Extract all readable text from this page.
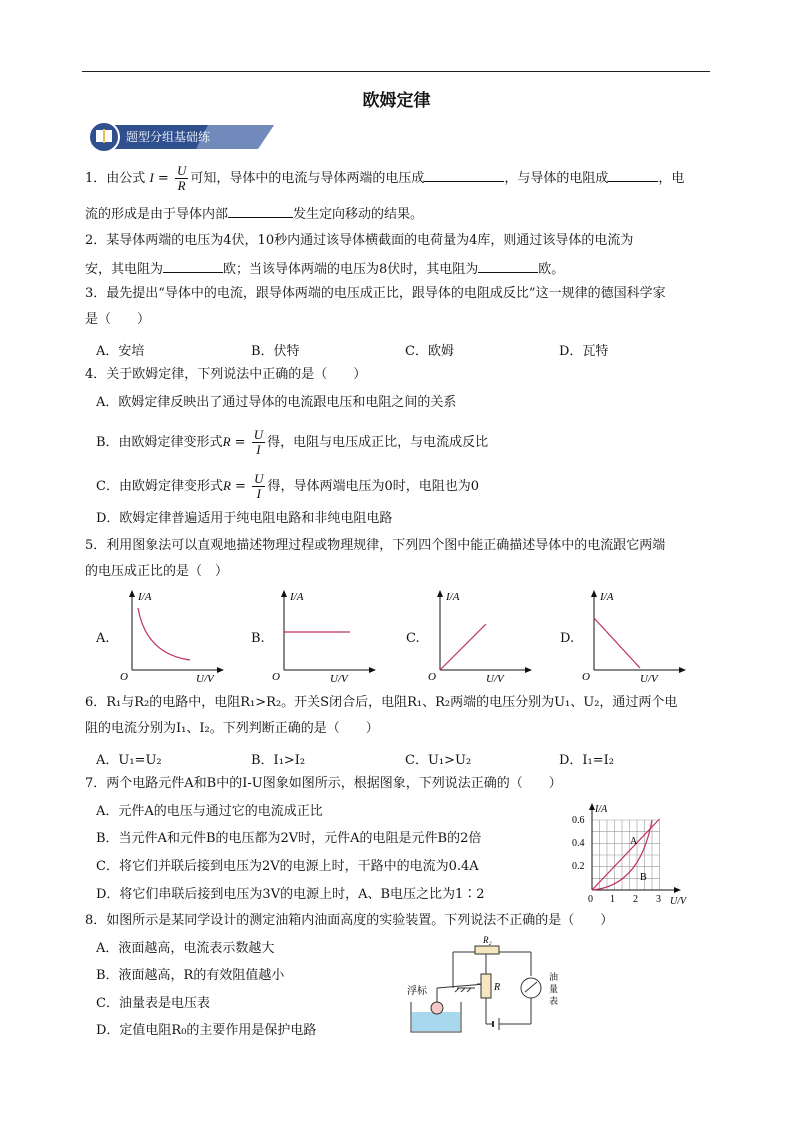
欧姆定律
题型分组基础练
1．由公式 $I = \frac{U}{R}$ 可知，导体中的电流与导体两端的电压成	，与导体的电阻成	，电
流的形成是由于导体内部	发生定向移动的结果。
2．某导体两端的电压为4伏，10秒内通过该导体横截面的电荷量为4库，则通过该导体的电流为
安，其电阻为	欧；当该导体两端的电压为8伏时，其电阻为	欧。
3．最先提出“导体中的电流，跟导体两端的电压成正比，跟导体的电阻成反比”这一规律的德国科学家
是（　　）
A．安培	B．伏特	C．欧姆	D．瓦特
4．关于欧姆定律，下列说法中正确的是（　　）
A．欧姆定律反映出了通过导体的电流跟电压和电阻之间的关系
B．由欧姆定律变形式$R = \frac{U}{I}$ 得，电阻与电压成正比，与电流成反比
C．由欧姆定律变形式$R = \frac{U}{I}$ 得，导体两端电压为0时，电阻也为0
D．欧姆定律普遍适用于纯电阻电路和非纯电阻电路
5．利用图象法可以直观地描述物理过程或物理规律，下列四个图中能正确描述导体中的电流跟它两端
的电压成正比的是（　）
A.
I/A
O	U/V
B.
I/A
O	U/V
C.
I/A
O	U/V
D.
I/A
O	U/V
6．R₁与R₂的电路中，电阻R₁>R₂。开关S闭合后，电阻R₁、R₂两端的电压分别为U₁、U₂，通过两个电
阻的电流分别为I₁、I₂。下列判断正确的是（　　）
A．U₁=U₂	B．I₁>I₂	C．U₁>U₂	D．I₁=I₂
7．两个电路元件A和B中的I-U图象如图所示，根据图象，下列说法正确的（　　）
A．元件A的电压与通过它的电流成正比
B．当元件A和元件B的电压都为2V时，元件A的电阻是元件B的2倍
C．将它们并联后接到电压为2V的电源上时，干路中的电流为0.4A
D．将它们串联后接到电压为3V的电源上时，A、B电压之比为1∶2
I/A
0.6
0.4
0.2
0 1 2 3 U/V
A
B
8．如图所示是某同学设计的测定油箱内油面高度的实验装置。下列说法不正确的是（　　）
A．液面越高，电流表示数越大
B．液面越高，R的有效阻值越小
C．油量表是电压表
D．定值电阻R₀的主要作用是保护电路
浮标
R₂
R
油
量
表
